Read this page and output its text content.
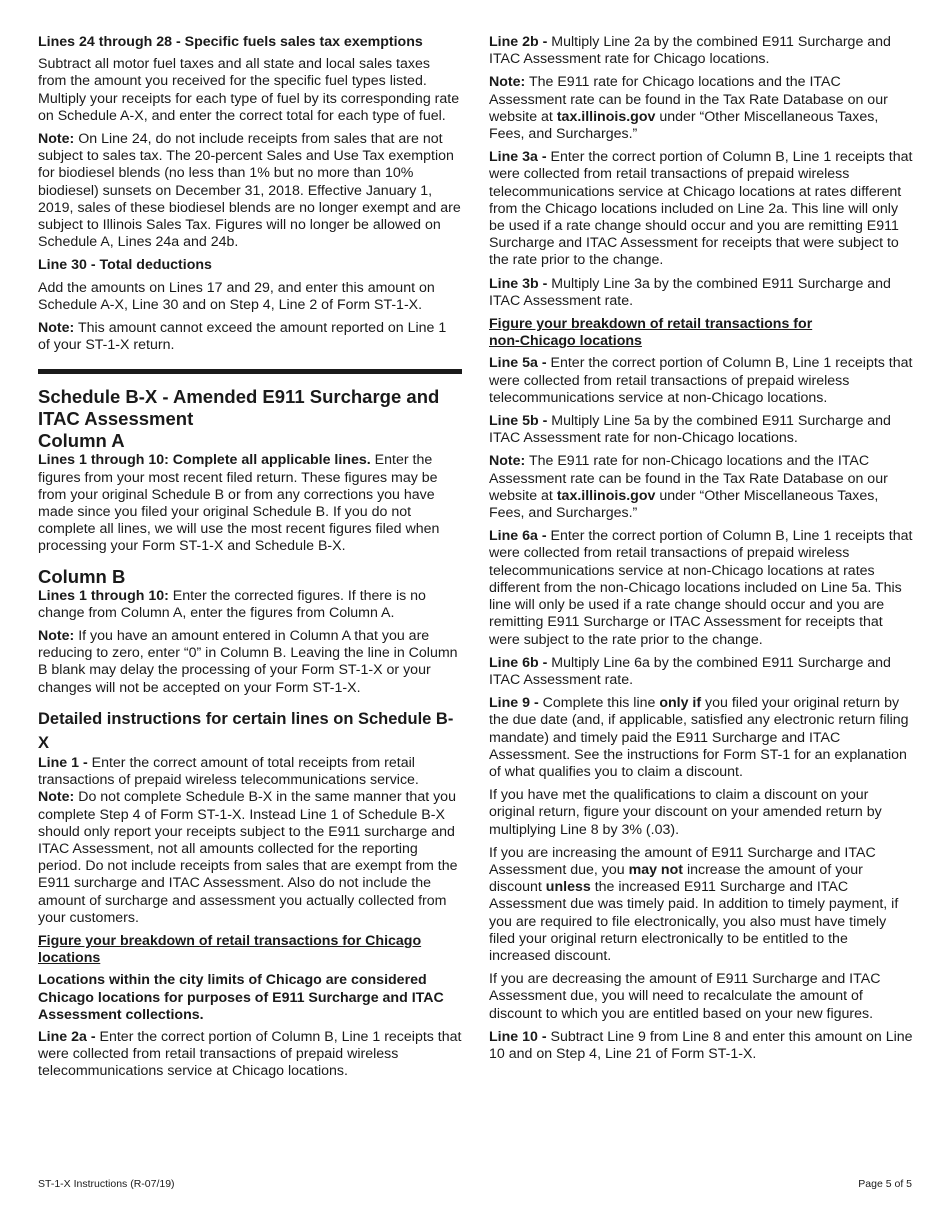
Lines 24 through 28 - Specific fuels sales tax exemptions

Subtract all motor fuel taxes and all state and local sales taxes from the amount you received for the specific fuel types listed. Multiply your receipts for each type of fuel by its corresponding rate on Schedule A-X, and enter the correct total for each type of fuel.

Note: On Line 24, do not include receipts from sales that are not subject to sales tax. The 20-percent Sales and Use Tax exemption for biodiesel blends (no less than 1% but no more than 10% biodiesel) sunsets on December 31, 2018. Effective January 1, 2019, sales of these biodiesel blends are no longer exempt and are subject to Illinois Sales Tax. Figures will no longer be allowed on Schedule A, Lines 24a and 24b.

Line 30 - Total deductions

Add the amounts on Lines 17 and 29, and enter this amount on Schedule A-X, Line 30 and on Step 4, Line 2 of Form ST-1-X.

Note: This amount cannot exceed the amount reported on Line 1 of your ST-1-X return.

Schedule B-X - Amended E911 Surcharge and ITAC Assessment

Column A

Lines 1 through 10: Complete all applicable lines. Enter the figures from your most recent filed return. These figures may be from your original Schedule B or from any corrections you have made since you filed your original Schedule B. If you do not complete all lines, we will use the most recent figures filed when processing your Form ST-1-X and Schedule B-X.

Column B

Lines 1 through 10: Enter the corrected figures. If there is no change from Column A, enter the figures from Column A.

Note: If you have an amount entered in Column A that you are reducing to zero, enter “0” in Column B. Leaving the line in Column B blank may delay the processing of your Form ST-1-X or your changes will not be accepted on your Form ST-1-X.

Detailed instructions for certain lines on Schedule B-X

Line 1 - Enter the correct amount of total receipts from retail transactions of prepaid wireless telecommunications service.

Note: Do not complete Schedule B-X in the same manner that you complete Step 4 of Form ST-1-X. Instead Line 1 of Schedule B-X should only report your receipts subject to the E911 surcharge and ITAC Assessment, not all amounts collected for the reporting period. Do not include receipts from sales that are exempt from the E911 surcharge and ITAC Assessment. Also do not include the amount of surcharge and assessment you actually collected from your customers.

Figure your breakdown of retail transactions for Chicago locations

Locations within the city limits of Chicago are considered Chicago locations for purposes of E911 Surcharge and ITAC Assessment collections.

Line 2a - Enter the correct portion of Column B, Line 1 receipts that were collected from retail transactions of prepaid wireless telecommunications service at Chicago locations.

Line 2b - Multiply Line 2a by the combined E911 Surcharge and ITAC Assessment rate for Chicago locations.

Note: The E911 rate for Chicago locations and the ITAC Assessment rate can be found in the Tax Rate Database on our website at tax.illinois.gov under “Other Miscellaneous Taxes, Fees, and Surcharges.”

Line 3a - Enter the correct portion of Column B, Line 1 receipts that were collected from retail transactions of prepaid wireless telecommunications service at Chicago locations at rates different from the Chicago locations included on Line 2a. This line will only be used if a rate change should occur and you are remitting E911 Surcharge and ITAC Assessment for receipts that were subject to the rate prior to the change.

Line 3b - Multiply Line 3a by the combined E911 Surcharge and ITAC Assessment rate.

Figure your breakdown of retail transactions for non-Chicago locations

Line 5a - Enter the correct portion of Column B, Line 1 receipts that were collected from retail transactions of prepaid wireless telecommunications service at non-Chicago locations.

Line 5b - Multiply Line 5a by the combined E911 Surcharge and ITAC Assessment rate for non-Chicago locations.

Note: The E911 rate for non-Chicago locations and the ITAC Assessment rate can be found in the Tax Rate Database on our website at tax.illinois.gov under “Other Miscellaneous Taxes, Fees, and Surcharges.”

Line 6a - Enter the correct portion of Column B, Line 1 receipts that were collected from retail transactions of prepaid wireless telecommunications service at non-Chicago locations at rates different from the non-Chicago locations included on Line 5a. This line will only be used if a rate change should occur and you are remitting E911 Surcharge or ITAC Assessment for receipts that were subject to the rate prior to the change.

Line 6b - Multiply Line 6a by the combined E911 Surcharge and ITAC Assessment rate.

Line 9 - Complete this line only if you filed your original return by the due date (and, if applicable, satisfied any electronic return filing mandate) and timely paid the E911 Surcharge and ITAC Assessment. See the instructions for Form ST-1 for an explanation of what qualifies you to claim a discount.

If you have met the qualifications to claim a discount on your original return, figure your discount on your amended return by multiplying Line 8 by 3% (.03).

If you are increasing the amount of E911 Surcharge and ITAC Assessment due, you may not increase the amount of your discount unless the increased E911 Surcharge and ITAC Assessment due was timely paid. In addition to timely payment, if you are required to file electronically, you also must have timely filed your original return electronically to be entitled to the increased discount.

If you are decreasing the amount of E911 Surcharge and ITAC Assessment due, you will need to recalculate the amount of discount to which you are entitled based on your new figures.

Line 10 - Subtract Line 9 from Line 8 and enter this amount on Line 10 and on Step 4, Line 21 of Form ST-1-X.

ST-1-X Instructions (R-07/19)	Page 5 of 5
